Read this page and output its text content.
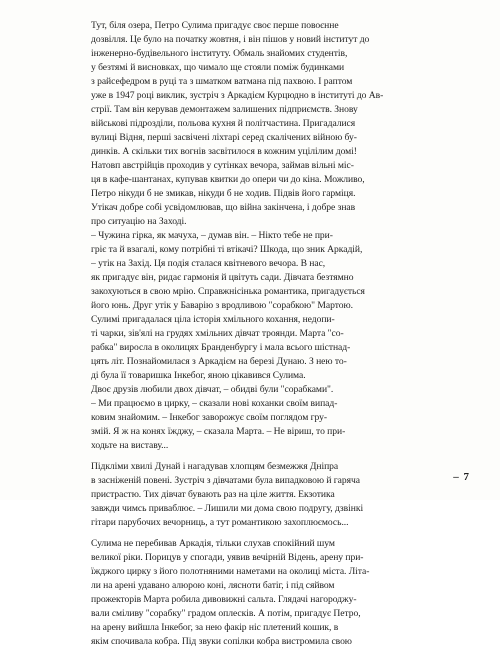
Тут, біля озера, Петро Сулима пригадує своє перше повоєнне
дозвілля. Це було на початку жовтня, і він пішов у новий інститут до
інженерно-будівельного інституту. Обмаль знайомих студентів,
у безтямі й висновках, що чимало ще стояли поміж будинками
з райсефедром в руці та з шматком ватмана під пахвою. І раптом
уже в 1947 році виклик, зустріч з Аркадієм Курцюдно в інституті до Ав-
стрії. Там він керував демонтажем залишених підприємств. Знову
військові підрозділи, польова кухня й політчастина. Пригадалися
вулиці Відня, перші засвічені ліхтарі серед скалічених війною бу-
динків. А скільки тих вогнів засвітилося в кожним уцілілим домі!
Натовп австрійців проходив у сутінках вечора, займав вільні міс-
ця в кафе-шантанах, купував квитки до опери чи до кіна. Можливо,
Петро нікуди б не змикав, нікуди б не ходив. Підвів його гарміця.
Утікач добре собі усвідомлював, що війна закінчена, і добре знав
про ситуацію на Заході.
– Чужина гірка, як мачуха, – думав він. – Нікто тебе не при-
гріє та й взагалі, кому потрібні ті втікачі? Шкода, що зник Аркадій,
– утік на Захід. Ця подія сталася квітневого вечора. В нас,
як пригадує він, ридає гармонія й цвітуть сади. Дівчата безтямно
закохуються в свою мрію. Справжнісінька романтика, пригадується
його юнь. Друг утік у Баварію з вродливою "сорабкою" Мартою.
Сулимі пригадалася ціла історія хмільного кохання, недопи-
ті чарки, зів'ялі на грудях хмільних дівчат троянди. Марта "со-
рабка" виросла в околицях Бранденбургу і мала всього шістнад-
цять літ. Познайомилася з Аркадієм на березі Дунаю. З нею то-
ді була її товаришка Інкебог, яною цікавився Сулима.
Двоє друзів любили двох дівчат, – обидві були "сорабками".
– Ми працюємо в цирку, – сказали нові коханки своїм випад-
ковим знайомим. – Інкебог заворожує своїм поглядом гру-
змій. Я ж на конях їжджу, – сказала Марта. – Не віриш, то при-
ходьте на виставу...
Підкліми хвилі Дунай і нагадував хлопцям безмежжя Дніпра
в засніженій повені. Зустріч з дівчатами була випадковою й гаряча
пристрастю. Тих дівчат бувають раз на ціле життя. Екзотика
завжди чимсь приваблює. – Лишили ми дома свою подругу, дзвінкі
гітари парубочих вечорниць, а тут романтикою захоплюємось...
Сулима не перебивав Аркадія, тільки слухав спокійний шум
великої ріки. Порицув у спогади, уявив вечірній Відень, арену при-
їжджого цирку з його полотняними наметами на околиці міста. Літа-
ли на арені удавано алюрою коні, лясноти батіг, і під сяйвом
прожекторів Марта робила дивовижні сальта. Глядачі нагороджу-
вали сміливу "сорабку" градом оплесків. А потім, пригадує Петро,
на арену вийшла Інкебог, за нею факір ніс плетений кошик, в
якім спочивала кобра. Під звуки сопілки кобра вистромила свою
– 7
